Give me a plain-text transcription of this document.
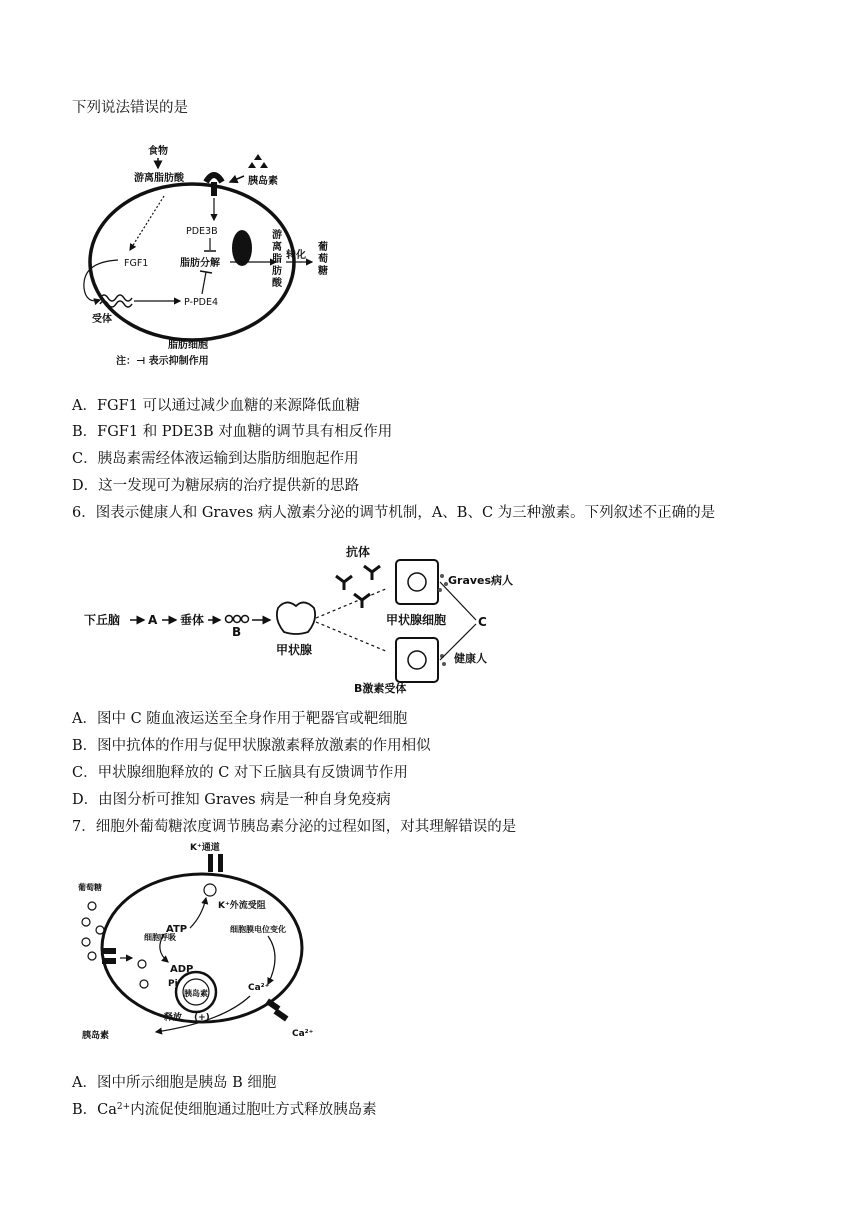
下列说法错误的是
食物
游离脂肪酸	胰岛素
PDE3B
脂肪分解
FGF1
P-PDE4
受体
游离脂肪酸
转化
葡萄糖
脂肪细胞
注：⊣ 表示抑制作用
A．FGF1 可以通过减少血糖的来源降低血糖
B．FGF1 和 PDE3B 对血糖的调节具有相反作用
C．胰岛素需经体液运输到达脂肪细胞起作用
D．这一发现可为糖尿病的治疗提供新的思路
6．图表示健康人和 Graves 病人激素分泌的调节机制，A、B、C 为三种激素。下列叙述不正确的是
下丘脑 A 垂体
B
甲状腺
抗体
Graves病人
甲状腺细胞	C
健康人
B激素受体
A．图中 C 随血液运送至全身作用于靶器官或靶细胞
B．图中抗体的作用与促甲状腺激素释放激素的作用相似
C．甲状腺细胞释放的 C 对下丘脑具有反馈调节作用
D．由图分析可推知 Graves 病是一种自身免疫病
7．细胞外葡萄糖浓度调节胰岛素分泌的过程如图，对其理解错误的是
K⁺通道
葡萄糖
ATP
K⁺外流受阻
细胞呼吸
细胞膜电位变化
ADP
Pi
胰岛素
Ca²⁺
Ca²⁺
释放 (+)
胰岛素
A．图中所示细胞是胰岛 B 细胞
B．$Ca^{2+}$内流促使细胞通过胞吐方式释放胰岛素
